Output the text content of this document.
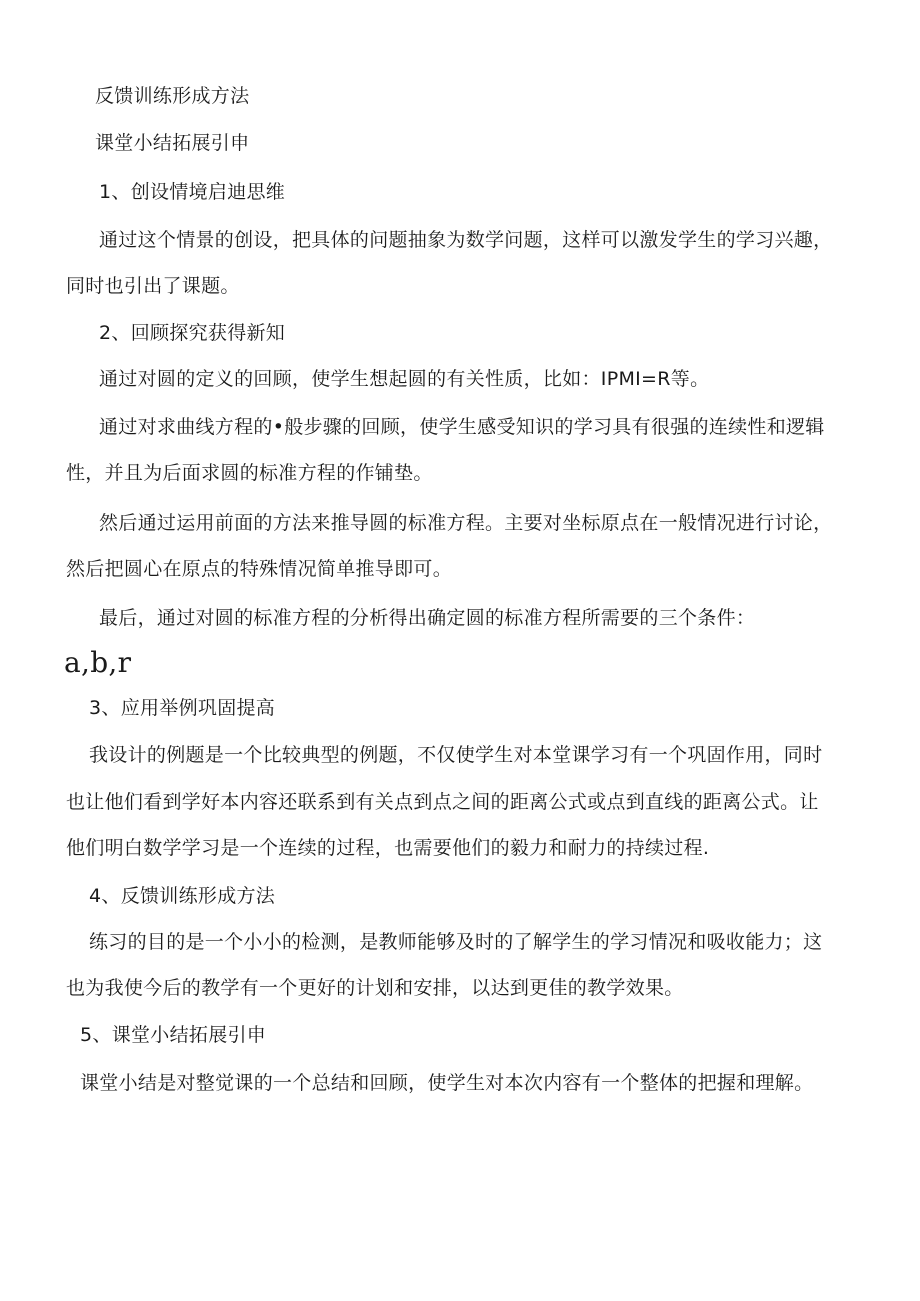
反馈训练形成方法
课堂小结拓展引申
1、创设情境启迪思维
通过这个情景的创设，把具体的问题抽象为数学问题，这样可以激发学生的学习兴趣，
同时也引出了课题。
2、回顾探究获得新知
通过对圆的定义的回顾，使学生想起圆的有关性质，比如：IPMI=R等。
通过对求曲线方程的•般步骤的回顾，使学生感受知识的学习具有很强的连续性和逻辑
性，并且为后面求圆的标准方程的作铺垫。
然后通过运用前面的方法来推导圆的标准方程。主要对坐标原点在一般情况进行讨论，
然后把圆心在原点的特殊情况简单推导即可。
最后，通过对圆的标准方程的分析得出确定圆的标准方程所需要的三个条件：
a,b,r
3、应用举例巩固提高
我设计的例题是一个比较典型的例题，不仅使学生对本堂课学习有一个巩固作用，同时
也让他们看到学好本内容还联系到有关点到点之间的距离公式或点到直线的距离公式。让
他们明白数学学习是一个连续的过程，也需要他们的毅力和耐力的持续过程.
4、反馈训练形成方法
练习的目的是一个小小的检测，是教师能够及时的了解学生的学习情况和吸收能力；这
也为我使今后的教学有一个更好的计划和安排，以达到更佳的教学效果。
5、课堂小结拓展引申
课堂小结是对整觉课的一个总结和回顾，使学生对本次内容有一个整体的把握和理解。
